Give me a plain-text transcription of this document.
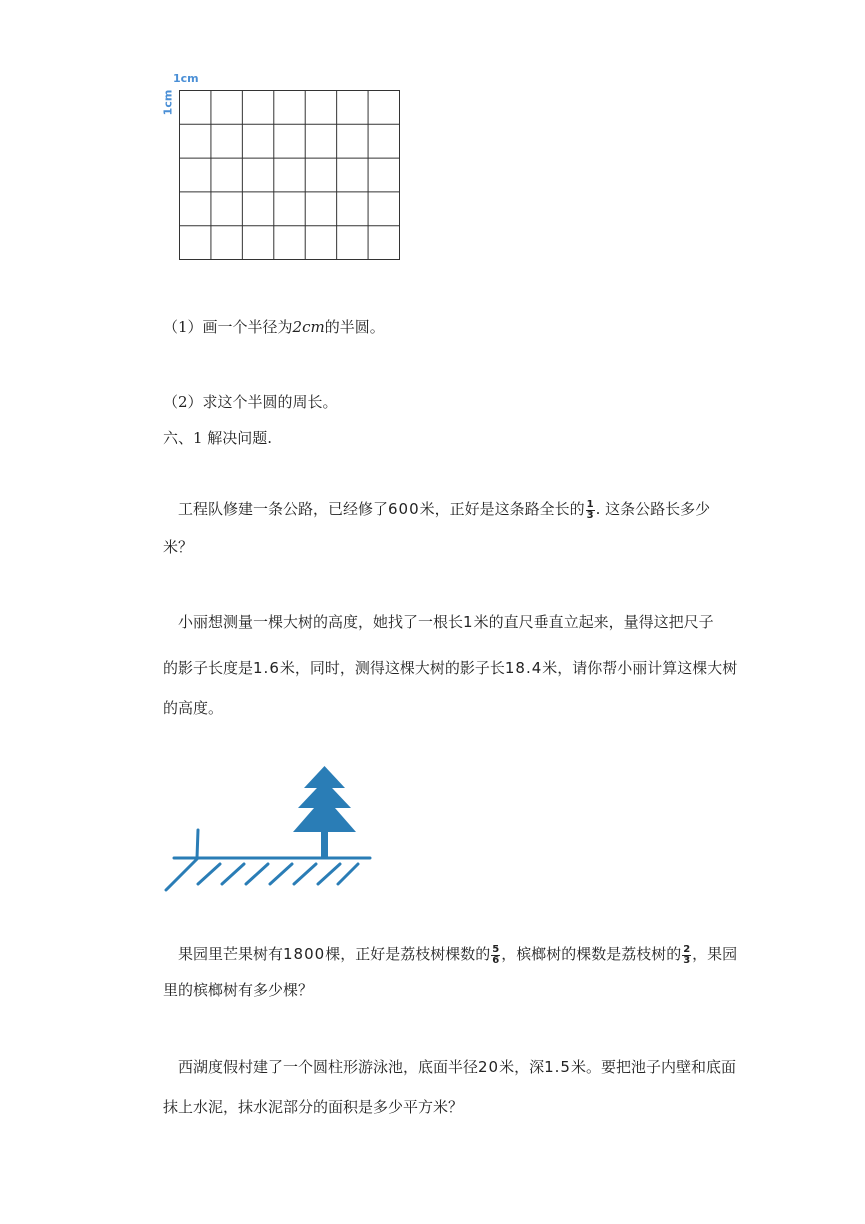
1cm
1cm
（1）画一个半径为2cm的半圆。
（2）求这个半圆的周长。
六、1 解决问题.
工程队修建一条公路，已经修了600米，正好是这条路全长的 $\frac{1}{3}$ . 这条公路长多少
米？
小丽想测量一棵大树的高度，她找了一根长1米的直尺垂直立起来，量得这把尺子
的影子长度是1.6米，同时，测得这棵大树的影子长18.4米，请你帮小丽计算这棵大树
的高度。
果园里芒果树有1800棵，正好是荔枝树棵数的 $\frac{5}{6}$ ，槟榔树的棵数是荔枝树的 $\frac{2}{3}$ ，果园
里的槟榔树有多少棵？
西湖度假村建了一个圆柱形游泳池，底面半径20米，深1.5米。要把池子内壁和底面
抹上水泥，抹水泥部分的面积是多少平方米？
